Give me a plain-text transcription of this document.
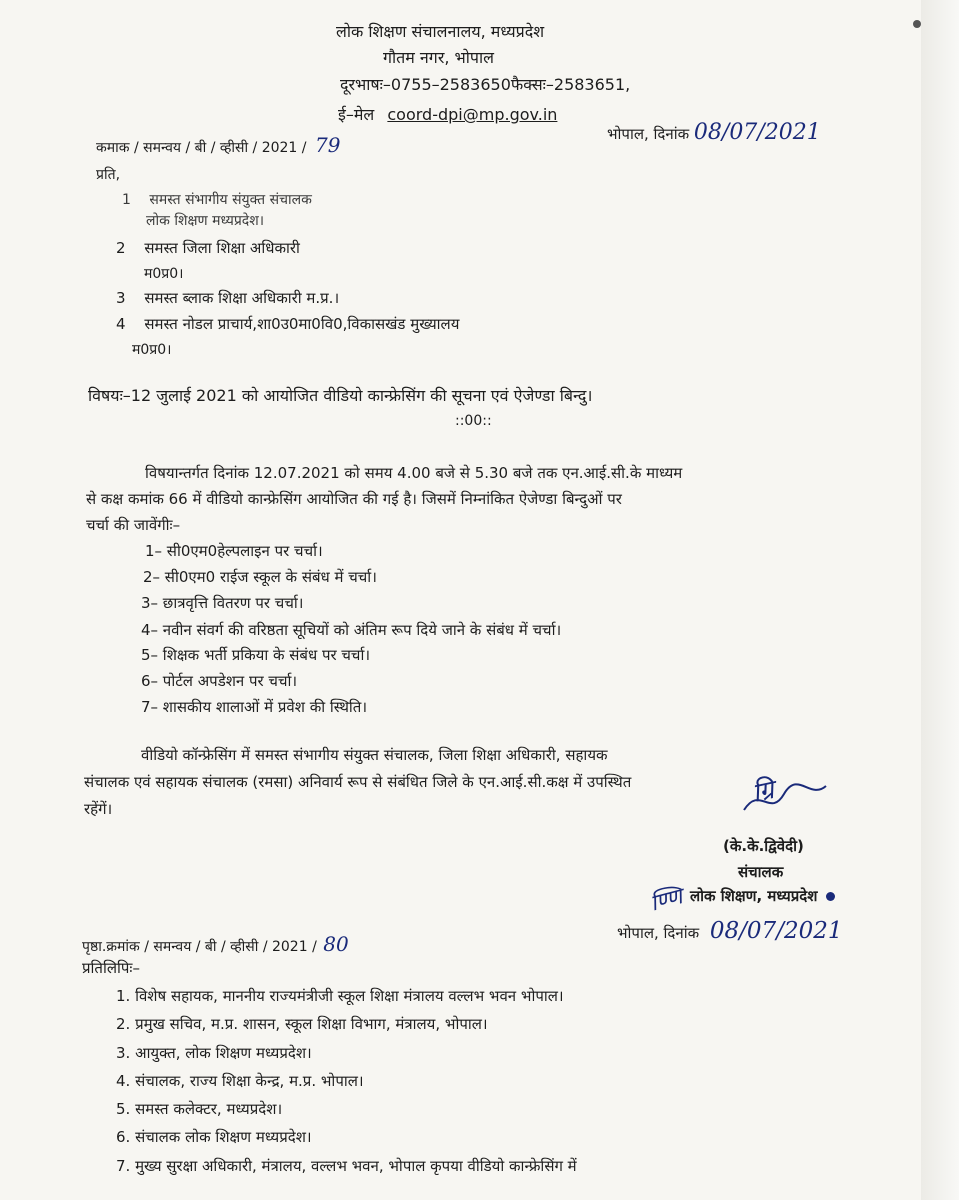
लोक शिक्षण संचालनालय, मध्यप्रदेश
गौतम नगर, भोपाल
दूरभाषः–0755–2583650फैक्सः–2583651,
ई–मेल coord-dpi@mp.gov.in
कमाक / समन्वय / बी / व्हीसी / 2021 / 79	भोपाल, दिनांक 08/07/2021
प्रति,
1 समस्त संभागीय संयुक्त संचालक
लोक शिक्षण मध्यप्रदेश।
2 समस्त जिला शिक्षा अधिकारी
म0प्र0।
3 समस्त ब्लाक शिक्षा अधिकारी म.प्र.।
4 समस्त नोडल प्राचार्य,शा0उ0मा0वि0,विकासखंड मुख्यालय
म0प्र0।
विषयः–12 जुलाई 2021 को आयोजित वीडियो कान्फ्रेसिंग की सूचना एवं ऐजेण्डा बिन्दु।
::00::
विषयान्तर्गत दिनांक 12.07.2021 को समय 4.00 बजे से 5.30 बजे तक एन.आई.सी.के माध्यम
से कक्ष कमांक 66 में वीडियो कान्फ्रेसिंग आयोजित की गई है। जिसमें निम्नांकित ऐजेण्डा बिन्दुओं पर
चर्चा की जावेंगीः–
1– सी0एम0हेल्पलाइन पर चर्चा।
2– सी0एम0 राईज स्कूल के संबंध में चर्चा।
3– छात्रवृत्ति वितरण पर चर्चा।
4– नवीन संवर्ग की वरिष्ठता सूचियों को अंतिम रूप दिये जाने के संबंध में चर्चा।
5– शिक्षक भर्ती प्रकिया के संबंध पर चर्चा।
6– पोर्टल अपडेशन पर चर्चा।
7– शासकीय शालाओं में प्रवेश की स्थिति।
वीडियो कॉन्फ्रेसिंग में समस्त संभागीय संयुक्त संचालक, जिला शिक्षा अधिकारी, सहायक
संचालक एवं सहायक संचालक (रमसा) अनिवार्य रूप से संबंधित जिले के एन.आई.सी.कक्ष में उपस्थित
रहेंगें।
ग्रि
(के.के.द्विवेदी)
संचालक
लोक शिक्षण, मध्यप्रदेश
ण्णि
पृष्ठा.क्रमांक / समन्वय / बी / व्हीसी / 2021 / 80	भोपाल, दिनांक 08/07/2021
प्रतिलिपिः–
1. विशेष सहायक, माननीय राज्यमंत्रीजी स्कूल शिक्षा मंत्रालय वल्लभ भवन भोपाल।
2. प्रमुख सचिव, म.प्र. शासन, स्कूल शिक्षा विभाग, मंत्रालय, भोपाल।
3. आयुक्त, लोक शिक्षण मध्यप्रदेश।
4. संचालक, राज्य शिक्षा केन्द्र, म.प्र. भोपाल।
5. समस्त कलेक्टर, मध्यप्रदेश।
6. संचालक लोक शिक्षण मध्यप्रदेश।
7. मुख्य सुरक्षा अधिकारी, मंत्रालय, वल्लभ भवन, भोपाल कृपया वीडियो कान्फ्रेसिंग में
